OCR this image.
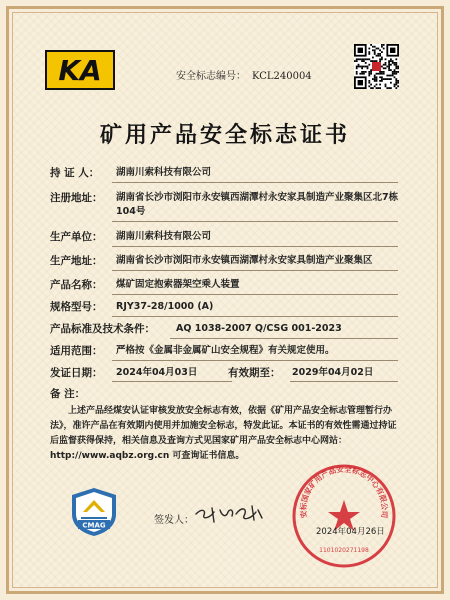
KA	安全标志编号： KCL240004
矿用产品安全标志证书
持 证 人： 湖南川索科技有限公司
注册地址： 湖南省长沙市浏阳市永安镇西湖潭村永安家具制造产业聚集区北7栋104号
生产单位： 湖南川索科技有限公司
生产地址： 湖南省长沙市浏阳市永安镇西湖潭村永安家具制造产业聚集区
产品名称： 煤矿固定抱索器架空乘人装置
规格型号： RJY37-28/1000 (A)
产品标准及技术条件： AQ 1038-2007 Q/CSG 001-2023
适用范围： 严格按《金属非金属矿山安全规程》有关规定使用。
发证日期： 2024年04月03日	有效期至： 2029年04月02日
备 注：
上述产品经煤安认证审核发放安全标志有效，依据《矿用产品安全标志管理暂行办法》，准许产品在有效期内使用并加施安全标志，特发此证。本证书的有效性需通过持证后监督获得保持，相关信息及查询方式见国家矿用产品安全标志中心网站：http://www.aqbz.org.cn 可查询证书信息。
CMAG	签发人：
安标国家矿用产品安全标志中心有限公司
1101020271198
2024年04月26日
